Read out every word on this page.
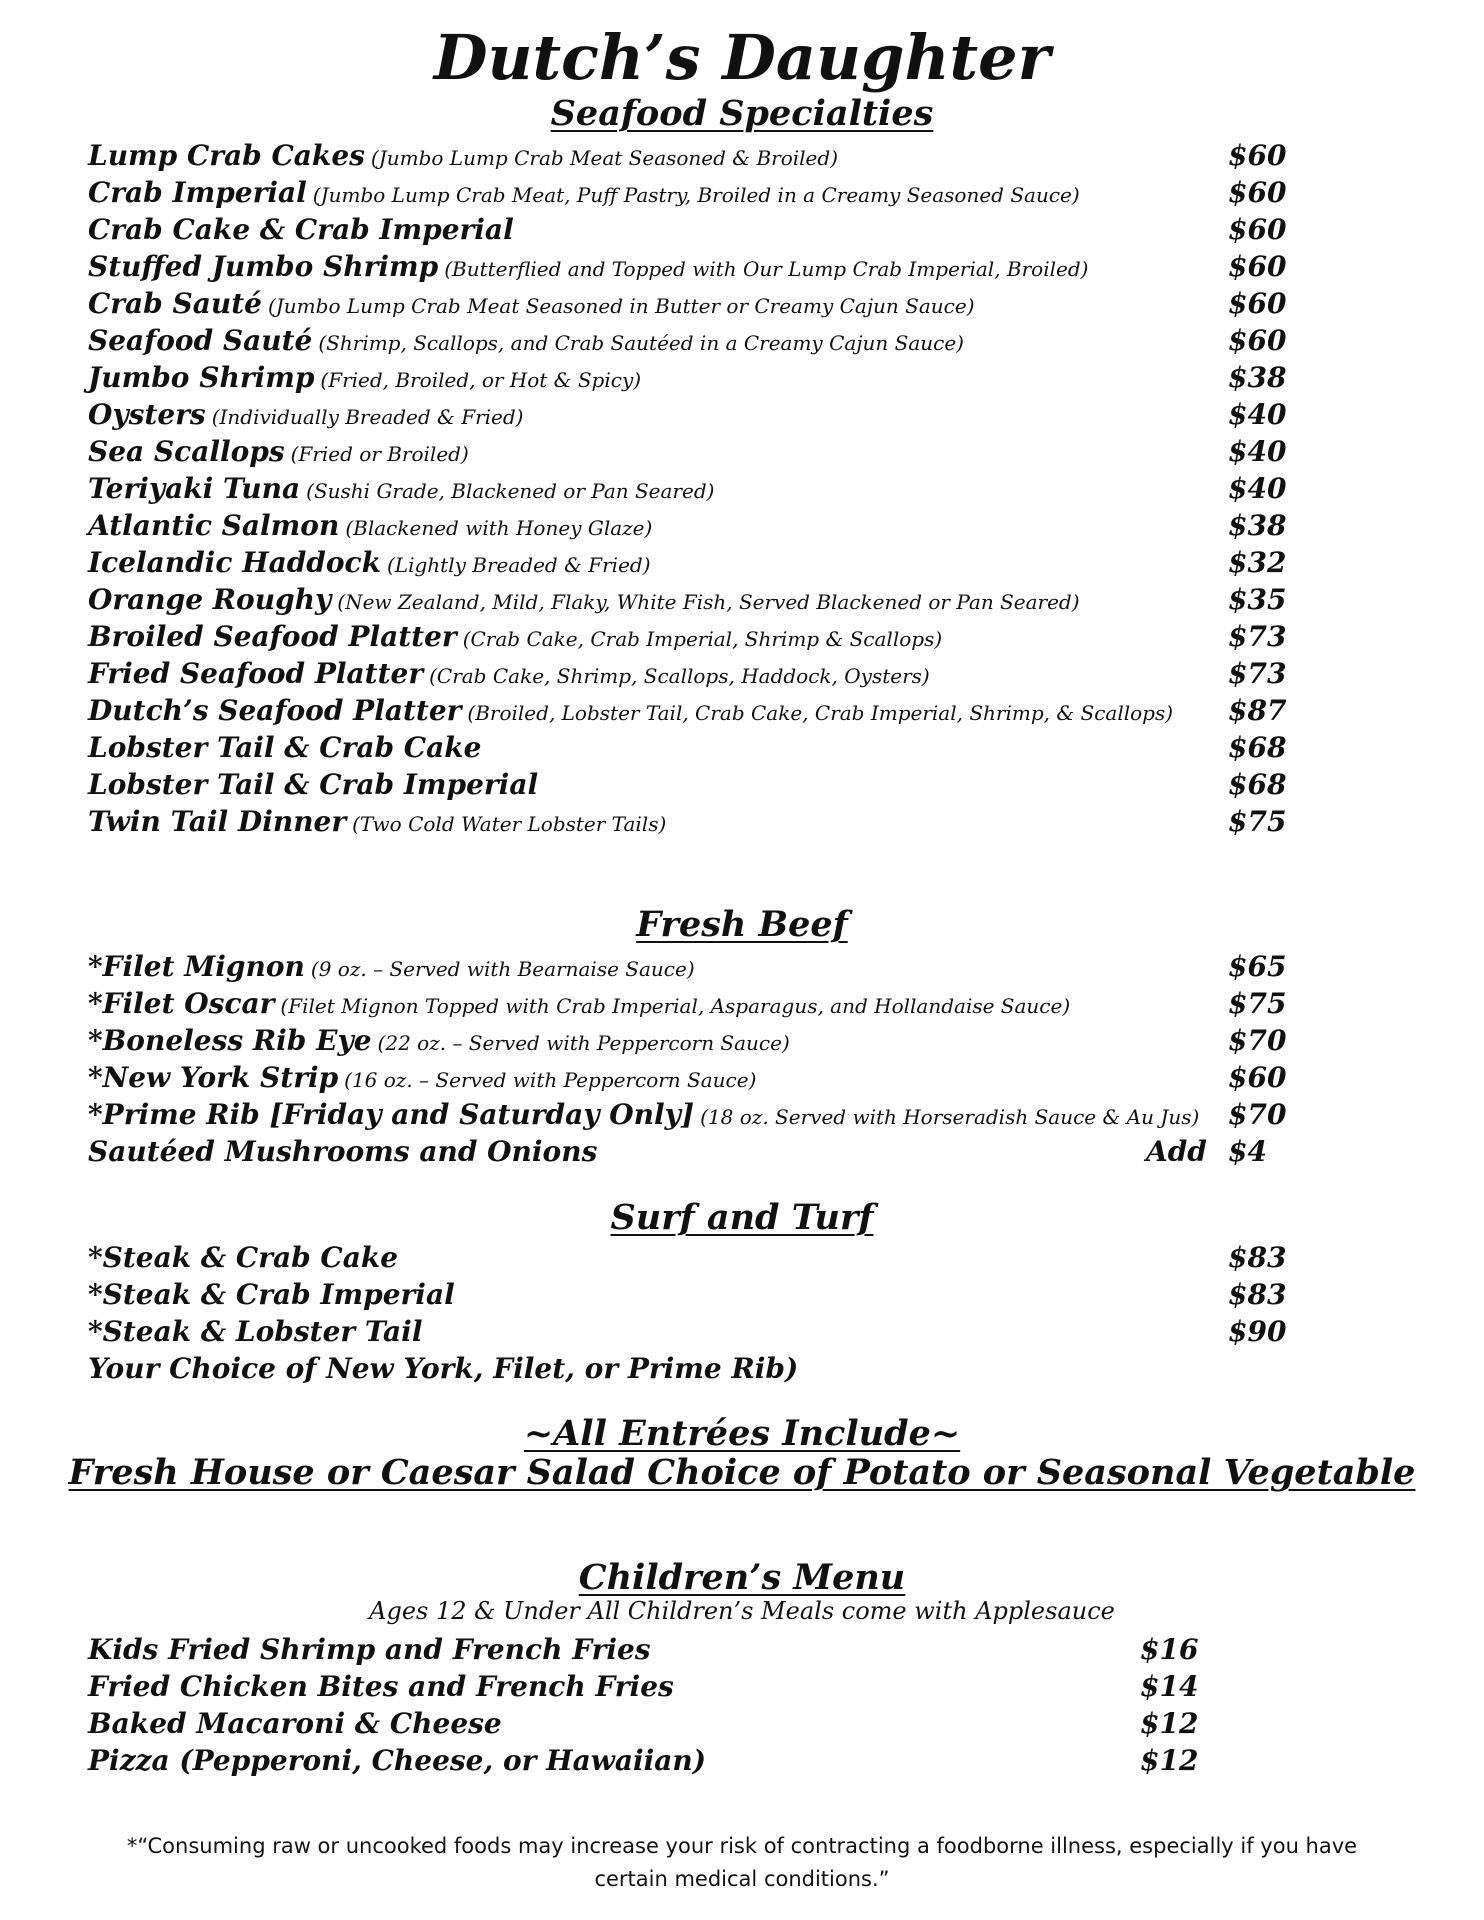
Dutch’s Daughter
Seafood Specialties
Lump Crab Cakes (Jumbo Lump Crab Meat Seasoned & Broiled)	$60
Crab Imperial (Jumbo Lump Crab Meat, Puff Pastry, Broiled in a Creamy Seasoned Sauce)	$60
Crab Cake & Crab Imperial	$60
Stuffed Jumbo Shrimp (Butterflied and Topped with Our Lump Crab Imperial, Broiled)	$60
Crab Sauté (Jumbo Lump Crab Meat Seasoned in Butter or Creamy Cajun Sauce)	$60
Seafood Sauté (Shrimp, Scallops, and Crab Sautéed in a Creamy Cajun Sauce)	$60
Jumbo Shrimp (Fried, Broiled, or Hot & Spicy)	$38
Oysters (Individually Breaded & Fried)	$40
Sea Scallops (Fried or Broiled)	$40
Teriyaki Tuna (Sushi Grade, Blackened or Pan Seared)	$40
Atlantic Salmon (Blackened with Honey Glaze)	$38
Icelandic Haddock (Lightly Breaded & Fried)	$32
Orange Roughy (New Zealand, Mild, Flaky, White Fish, Served Blackened or Pan Seared)	$35
Broiled Seafood Platter (Crab Cake, Crab Imperial, Shrimp & Scallops)	$73
Fried Seafood Platter (Crab Cake, Shrimp, Scallops, Haddock, Oysters)	$73
Dutch’s Seafood Platter (Broiled, Lobster Tail, Crab Cake, Crab Imperial, Shrimp, & Scallops) $87
Lobster Tail & Crab Cake	$68
Lobster Tail & Crab Imperial	$68
Twin Tail Dinner (Two Cold Water Lobster Tails)	$75
Fresh Beef
*Filet Mignon (9 oz. – Served with Bearnaise Sauce)	$65
*Filet Oscar (Filet Mignon Topped with Crab Imperial, Asparagus, and Hollandaise Sauce)	$75
*Boneless Rib Eye (22 oz. – Served with Peppercorn Sauce)	$70
*New York Strip (16 oz. – Served with Peppercorn Sauce)	$60
*Prime Rib [Friday and Saturday Only] (18 oz. Served with Horseradish Sauce & Au Jus) $70
Sautéed Mushrooms and Onions	Add $4
Surf and Turf
*Steak & Crab Cake	$83
*Steak & Crab Imperial	$83
*Steak & Lobster Tail	$90
Your Choice of New York, Filet, or Prime Rib)
~All Entrées Include~
Fresh House or Caesar Salad Choice of Potato or Seasonal Vegetable
Children’s Menu
Ages 12 & Under All Children’s Meals come with Applesauce
Kids Fried Shrimp and French Fries	$16
Fried Chicken Bites and French Fries	$14
Baked Macaroni & Cheese	$12
Pizza (Pepperoni, Cheese, or Hawaiian)	$12
*“Consuming raw or uncooked foods may increase your risk of contracting a foodborne illness, especially if you have certain medical conditions.”
